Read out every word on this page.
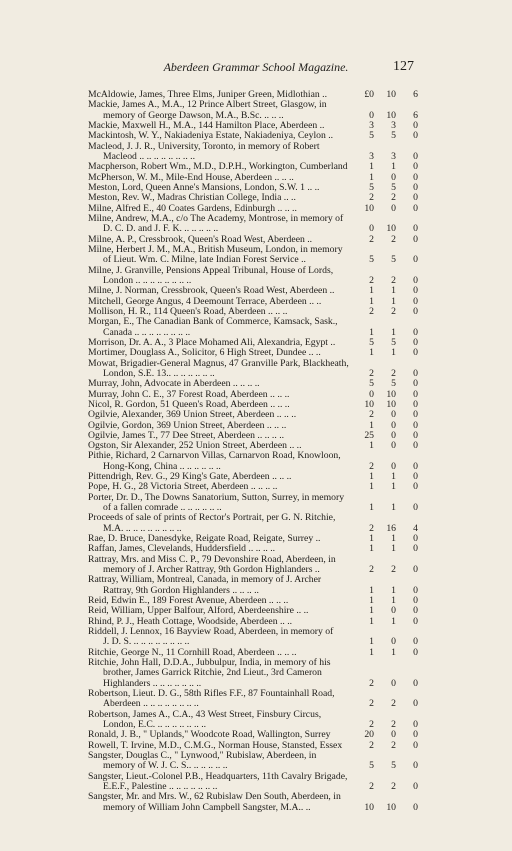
Aberdeen Grammar School Magazine.	127
McAldowie, James, Three Elms, Juniper Green, Midlothian ..	£0	10	6
Mackie, James A., M.A., 12 Prince Albert Street, Glasgow, in
memory of George Dawson, M.A., B.Sc. .. .. ..	0	10	6
Mackie, Maxwell H., M.A., 144 Hamilton Place, Aberdeen ..	3	3	0
Mackintosh, W. Y., Nakiadeniya Estate, Nakiadeniya, Ceylon ..	5	5	0
Macleod, J. J. R., University, Toronto, in memory of Robert
Macleod .. .. .. .. .. .. .. ..	3	3	0
Macpherson, Robert Wm., M.D., D.P.H., Workington, Cumberland	1	1	0
McPherson, W. M., Mile-End House, Aberdeen .. .. ..	1	0	0
Meston, Lord, Queen Anne's Mansions, London, S.W. 1 .. ..	5	5	0
Meston, Rev. W., Madras Christian College, India .. ..	2	2	0
Milne, Alfred E., 40 Coates Gardens, Edinburgh .. .. ..	10	0	0
Milne, Andrew, M.A., c/o The Academy, Montrose, in memory of
D. C. D. and J. F. K. .. .. .. .. ..	0	10	0
Milne, A. P., Cressbrook, Queen's Road West, Aberdeen ..	2	2	0
Milne, Herbert J. M., M.A., British Museum, London, in memory
of Lieut. Wm. C. Milne, late Indian Forest Service ..	5	5	0
Milne, J. Granville, Pensions Appeal Tribunal, House of Lords,
London .. .. .. .. .. .. .. ..	2	2	0
Milne, J. Norman, Cressbrook, Queen's Road West, Aberdeen ..	1	1	0
Mitchell, George Angus, 4 Deemount Terrace, Aberdeen .. ..	1	1	0
Mollison, H. R., 114 Queen's Road, Aberdeen .. .. ..	2	2	0
Morgan, E., The Canadian Bank of Commerce, Kamsack, Sask.,
Canada .. .. .. .. .. .. .. ..	1	1	0
Morrison, Dr. A. A., 3 Place Mohamed Ali, Alexandria, Egypt ..	5	5	0
Mortimer, Douglass A., Solicitor, 6 High Street, Dundee .. ..	1	1	0
Mowat, Brigadier-General Magnus, 47 Granville Park, Blackheath,
London, S.E. 13.. .. .. .. .. .. ..	2	2	0
Murray, John, Advocate in Aberdeen .. .. .. ..	5	5	0
Murray, John C. E., 37 Forest Road, Aberdeen .. .. ..	0	10	0
Nicol, R. Gordon, 51 Queen's Road, Aberdeen .. .. ..	10	10	0
Ogilvie, Alexander, 369 Union Street, Aberdeen .. .. ..	2	0	0
Ogilvie, Gordon, 369 Union Street, Aberdeen .. .. ..	1	0	0
Ogilvie, James T., 77 Dee Street, Aberdeen .. .. .. ..	25	0	0
Ogston, Sir Alexander, 252 Union Street, Aberdeen .. ..	1	0	0
Pithie, Richard, 2 Carnarvon Villas, Carnarvon Road, Knowloon,
Hong-Kong, China .. .. .. .. .. ..	2	0	0
Pittendrigh, Rev. G., 29 King's Gate, Aberdeen .. .. ..	1	1	0
Pope, H. G., 28 Victoria Street, Aberdeen .. .. .. ..	1	1	0
Porter, Dr. D., The Downs Sanatorium, Sutton, Surrey, in memory
of a fallen comrade .. .. .. .. .. ..	1	1	0
Proceeds of sale of prints of Rector's Portrait, per G. N. Ritchie,
M.A. .. .. .. .. .. .. .. ..	2	16	4
Rae, D. Bruce, Danesdyke, Reigate Road, Reigate, Surrey ..	1	1	0
Raffan, James, Clevelands, Huddersfield .. .. .. ..	1	1	0
Rattray, Mrs. and Miss C. P., 79 Devonshire Road, Aberdeen, in
memory of J. Archer Rattray, 9th Gordon Highlanders ..	2	2	0
Rattray, William, Montreal, Canada, in memory of J. Archer
Rattray, 9th Gordon Highlanders .. .. .. ..	1	1	0
Reid, Edwin E., 189 Forest Avenue, Aberdeen .. .. ..	1	1	0
Reid, William, Upper Balfour, Alford, Aberdeenshire .. ..	1	0	0
Rhind, P. J., Heath Cottage, Woodside, Aberdeen .. ..	1	1	0
Riddell, J. Lennox, 16 Bayview Road, Aberdeen, in memory of
J. D. S. .. .. .. .. .. .. .. ..	1	0	0
Ritchie, George N., 11 Cornhill Road, Aberdeen .. .. ..	1	1	0
Ritchie, John Hall, D.D.A., Jubbulpur, India, in memory of his
brother, James Garrick Ritchie, 2nd Lieut., 3rd Cameron
Highlanders .. .. .. .. .. .. ..	2	0	0
Robertson, Lieut. D. G., 58th Rifles F.F., 87 Fountainhall Road,
Aberdeen .. .. .. .. .. .. .. ..	2	2	0
Robertson, James A., C.A., 43 West Street, Finsbury Circus,
London, E.C. .. .. .. .. .. .. ..	2	2	0
Ronald, J. B., " Uplands," Woodcote Road, Wallington, Surrey	20	0	0
Rowell, T. Irvine, M.D., C.M.G., Norman House, Stansted, Essex	2	2	0
Sangster, Douglas C., " Lynwood," Rubislaw, Aberdeen, in
memory of W. J. C. S.. .. .. .. .. ..	5	5	0
Sangster, Lieut.-Colonel P.B., Headquarters, 11th Cavalry Brigade,
E.E.F., Palestine .. .. .. .. .. .. ..	2	2	0
Sangster, Mr. and Mrs. W., 62 Rubislaw Den South, Aberdeen, in
memory of William John Campbell Sangster, M.A.. ..	10	10	0
